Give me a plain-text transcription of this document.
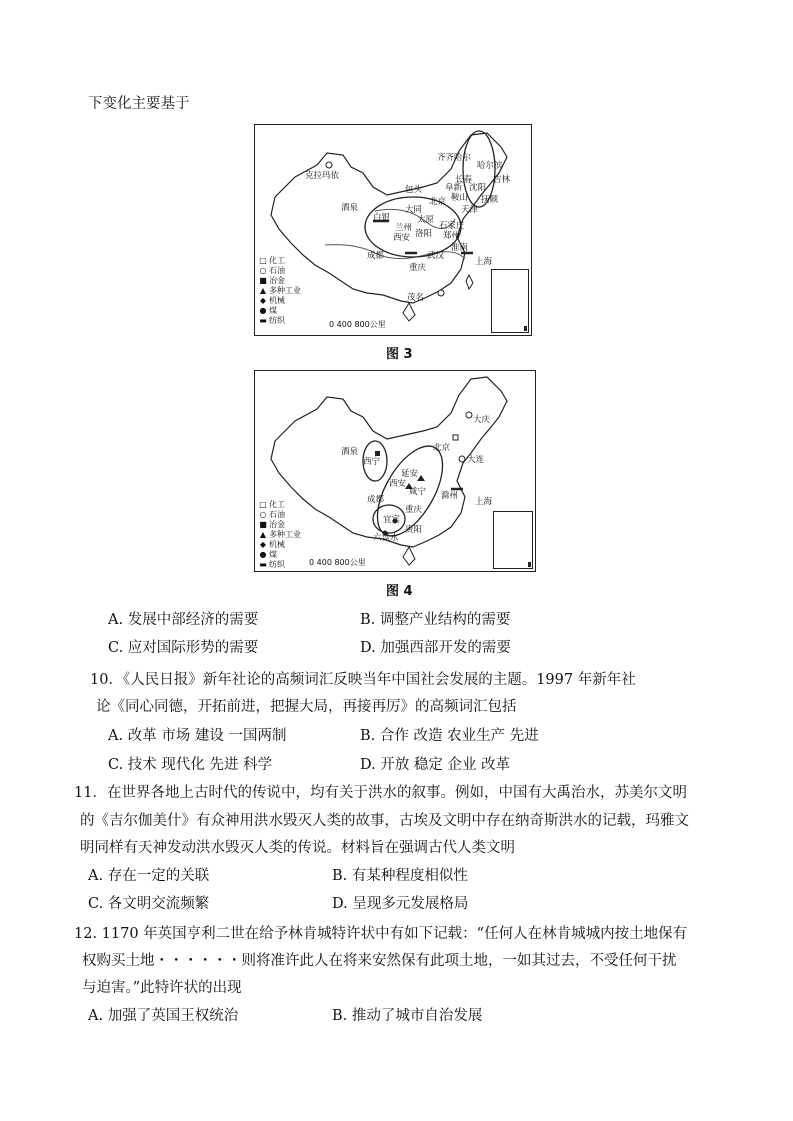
下变化主要基于
齐齐哈尔
哈尔滨
长春 吉林
阜新 沈阳
鞍山 抚顺
克拉玛依
包头
北京
天津
大同
太原
石家庄
白银
兰州
洛阳
西安	郑州
淮南
上海
成都	武汉
重庆
茂名
酒泉
□ 化工
○ 石油
■ 冶金
▲ 多种工业
◆ 机械
● 煤
▬ 纺织	0 400 800公里

图 3
大庆
酒泉
西宁
北京
大连
延安
西安
咸宁 滁州
成都
重庆
上海
宜宾
贵阳
六盘水
□ 化工
○ 石油
■ 冶金
▲ 多种工业
◆ 机械
● 煤
▬ 纺织	0 400 800公里

图 4
A. 发展中部经济的需要	B. 调整产业结构的需要
C. 应对国际形势的需要	D. 加强西部开发的需要
10．《人民日报》新年社论的高频词汇反映当年中国社会发展的主题。1997 年新年社
论《同心同德，开拓前进，把握大局，再接再厉》的高频词汇包括
A. 改革 市场 建设 一国两制	B. 合作 改造 农业生产 先进
C. 技术 现代化 先进 科学	D. 开放 稳定 企业 改革
11．在世界各地上古时代的传说中，均有关于洪水的叙事。例如，中国有大禹治水，苏美尔文明
的《吉尔伽美什》有众神用洪水毁灭人类的故事，古埃及文明中存在纳奇斯洪水的记载，玛雅文
明同样有天神发动洪水毁灭人类的传说。材料旨在强调古代人类文明
A. 存在一定的关联	B. 有某种程度相似性
C. 各文明交流频繁	D. 呈现多元发展格局
12. 1170 年英国亨利二世在给予林肯城特许状中有如下记载：“任何人在林肯城城内按土地保有
权购买土地・・・・・・则将准许此人在将来安然保有此项土地，一如其过去，不受任何干扰
与迫害。”此特许状的出现
A. 加强了英国王权统治	B. 推动了城市自治发展
